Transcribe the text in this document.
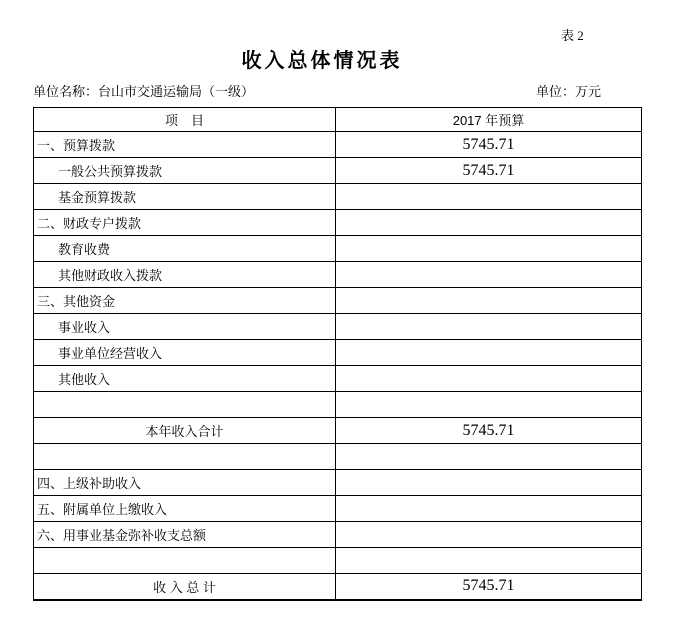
表 2
收入总体情况表
单位名称：台山市交通运输局（一级）	单位：万元
项　目	2017 年预算
一、预算拨款	5745.71
一般公共预算拨款	5745.71
基金预算拨款	
二、财政专户拨款	
教育收费	
其他财政收入拨款	
三、其他资金	
事业收入	
事业单位经营收入	
其他收入	

本年收入合计	5745.71

四、上级补助收入	
五、附属单位上缴收入	
六、用事业基金弥补收支总额	

收 入 总 计	5745.71
